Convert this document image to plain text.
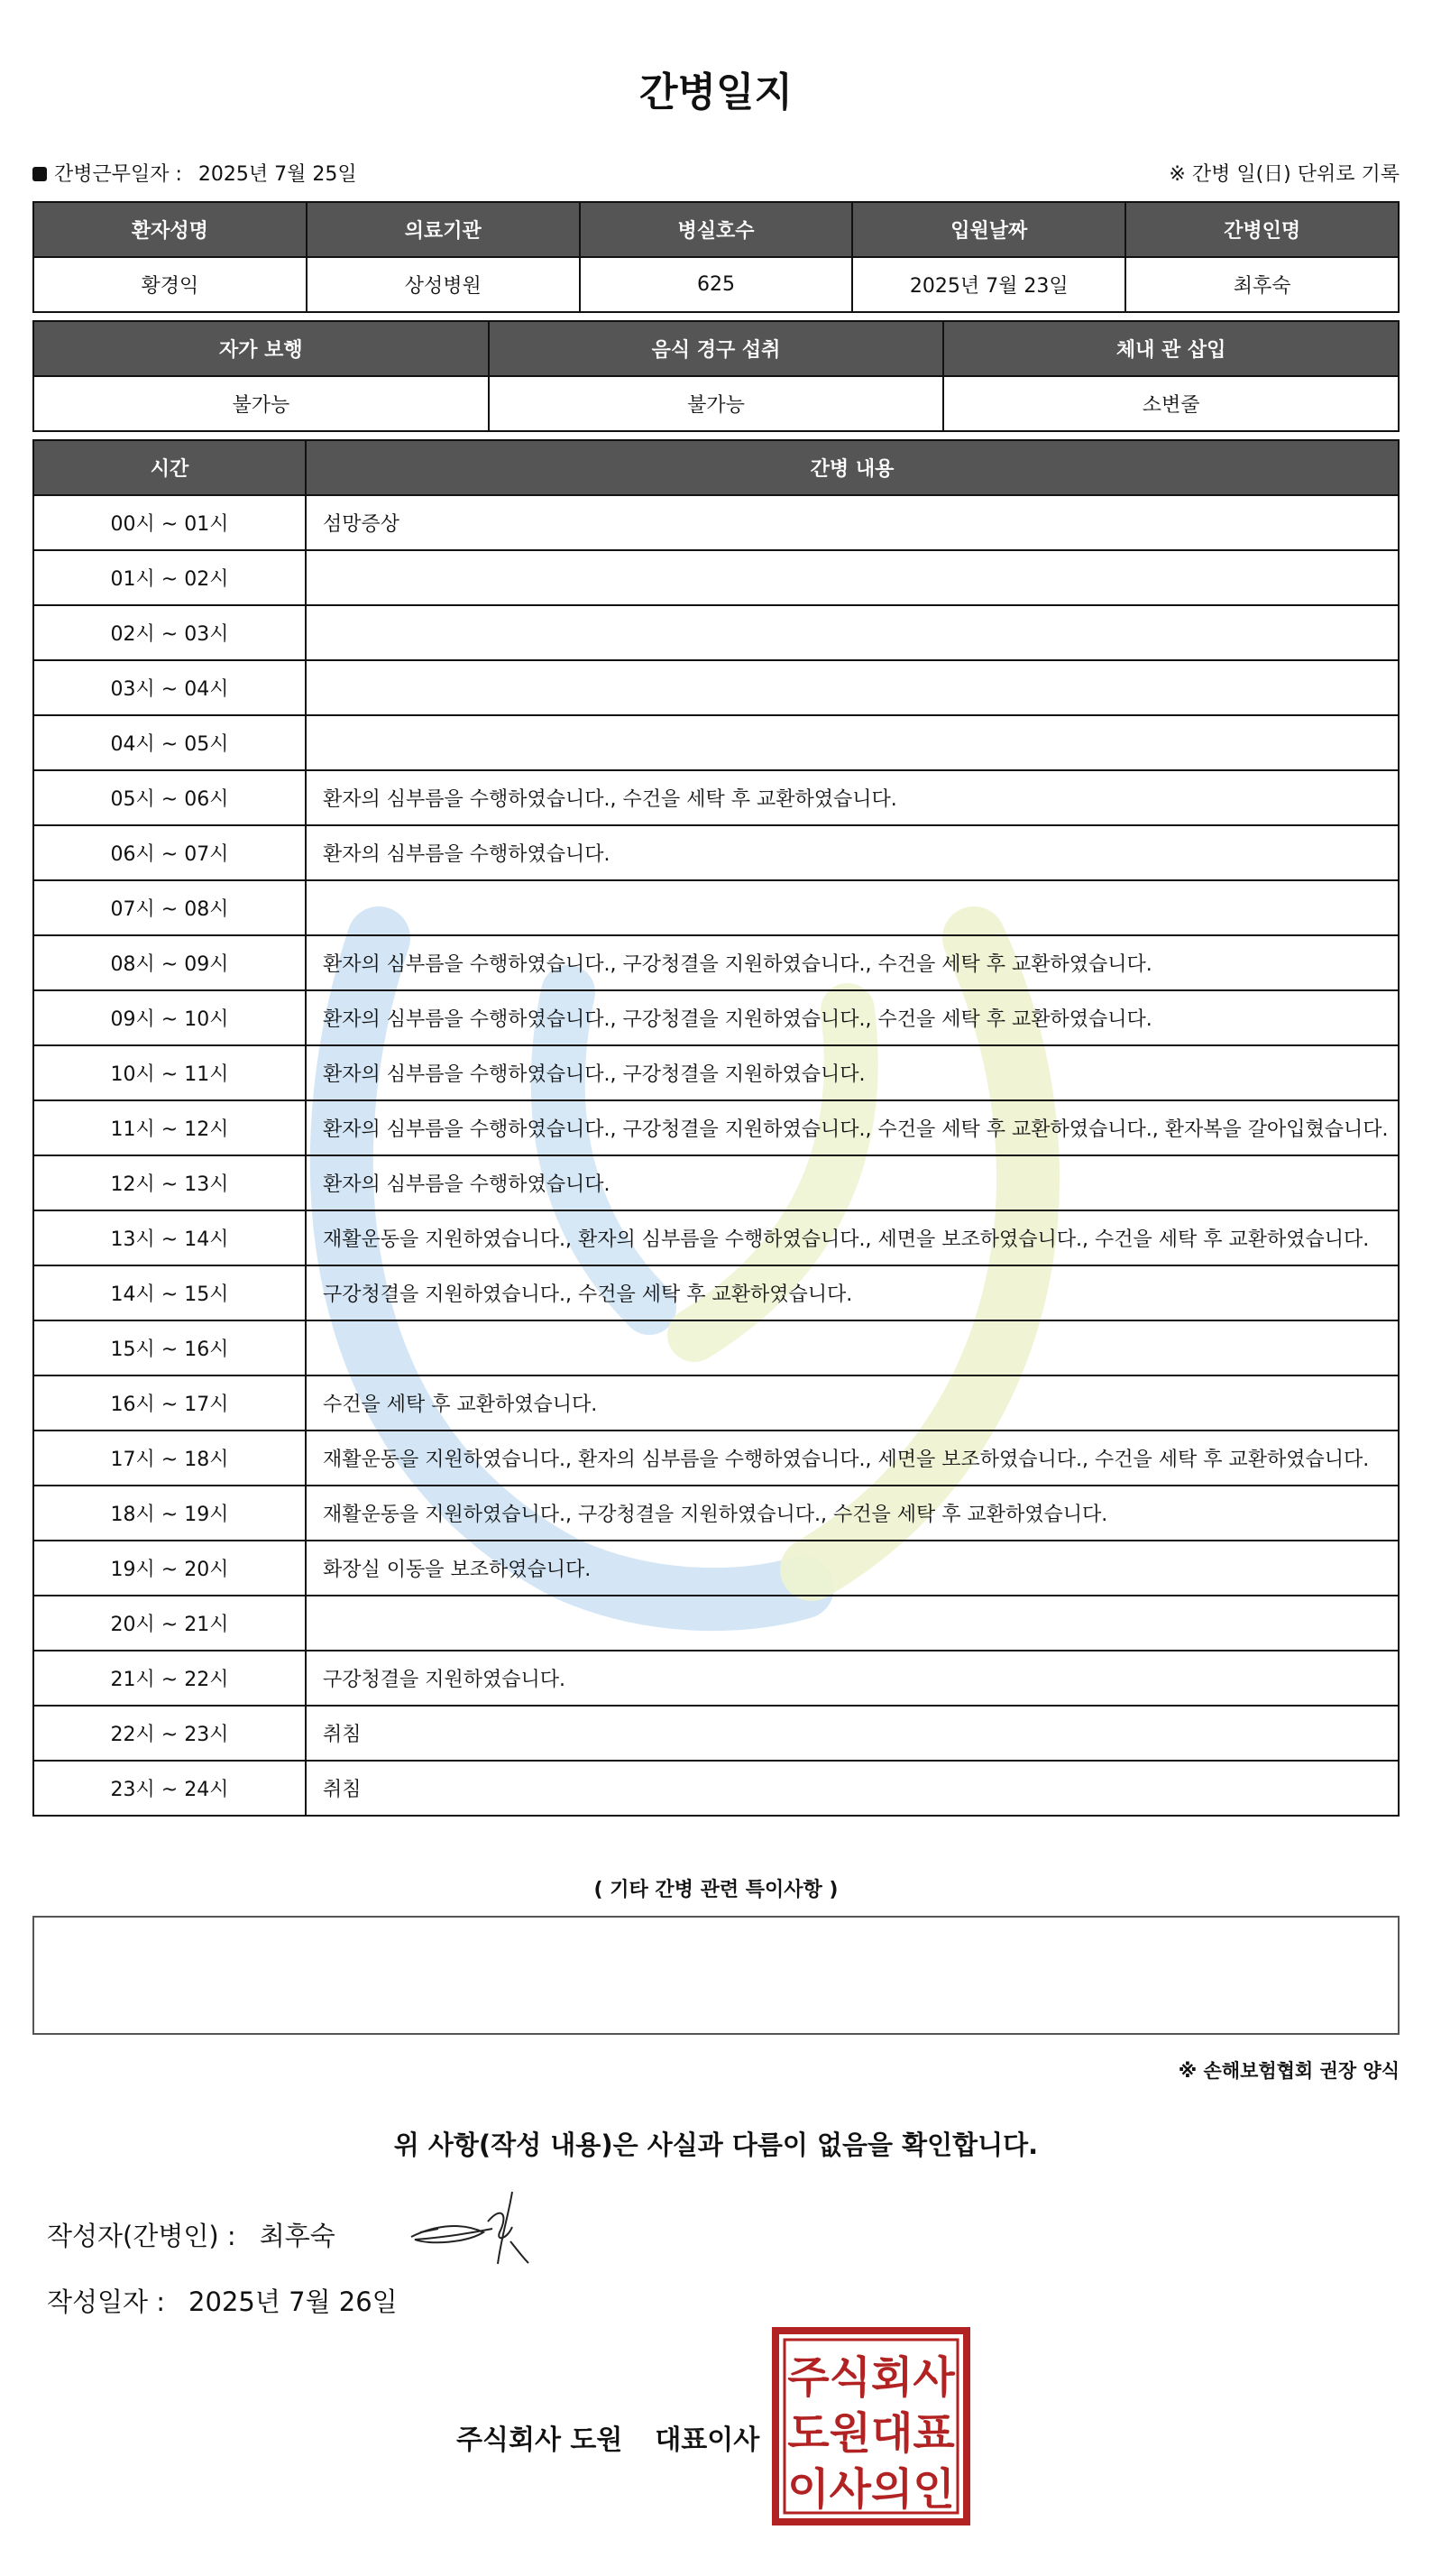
간병일지
간병근무일자 : 2025년 7월 25일	※ 간병 일(日) 단위로 기록
환자성명	의료기관	병실호수	입원날짜	간병인명
황경익	상성병원	625	2025년 7월 23일	최후숙
자가 보행	음식 경구 섭취	체내 관 삽입
불가능	불가능	소변줄
시간	간병 내용
00시 ~ 01시	섬망증상
01시 ~ 02시	
02시 ~ 03시	
03시 ~ 04시	
04시 ~ 05시	
05시 ~ 06시	환자의 심부름을 수행하였습니다., 수건을 세탁 후 교환하였습니다.
06시 ~ 07시	환자의 심부름을 수행하였습니다.
07시 ~ 08시	
08시 ~ 09시	환자의 심부름을 수행하였습니다., 구강청결을 지원하였습니다., 수건을 세탁 후 교환하였습니다.
09시 ~ 10시	환자의 심부름을 수행하였습니다., 구강청결을 지원하였습니다., 수건을 세탁 후 교환하였습니다.
10시 ~ 11시	환자의 심부름을 수행하였습니다., 구강청결을 지원하였습니다.
11시 ~ 12시	환자의 심부름을 수행하였습니다., 구강청결을 지원하였습니다., 수건을 세탁 후 교환하였습니다., 환자복을 갈아입혔습니다.
12시 ~ 13시	환자의 심부름을 수행하였습니다.
13시 ~ 14시	재활운동을 지원하였습니다., 환자의 심부름을 수행하였습니다., 세면을 보조하였습니다., 수건을 세탁 후 교환하였습니다.
14시 ~ 15시	구강청결을 지원하였습니다., 수건을 세탁 후 교환하였습니다.
15시 ~ 16시	
16시 ~ 17시	수건을 세탁 후 교환하였습니다.
17시 ~ 18시	재활운동을 지원하였습니다., 환자의 심부름을 수행하였습니다., 세면을 보조하였습니다., 수건을 세탁 후 교환하였습니다.
18시 ~ 19시	재활운동을 지원하였습니다., 구강청결을 지원하였습니다., 수건을 세탁 후 교환하였습니다.
19시 ~ 20시	화장실 이동을 보조하였습니다.
20시 ~ 21시	
21시 ~ 22시	구강청결을 지원하였습니다.
22시 ~ 23시	취침
23시 ~ 24시	취침
( 기타 간병 관련 특이사항 )
※ 손해보험협회 권장 양식
위 사항(작성 내용)은 사실과 다름이 없음을 확인합니다.
작성자(간병인) : 최후숙
작성일자 : 2025년 7월 26일
주식회사 도원 대표이사
주식회사
도원대표
이사의인
